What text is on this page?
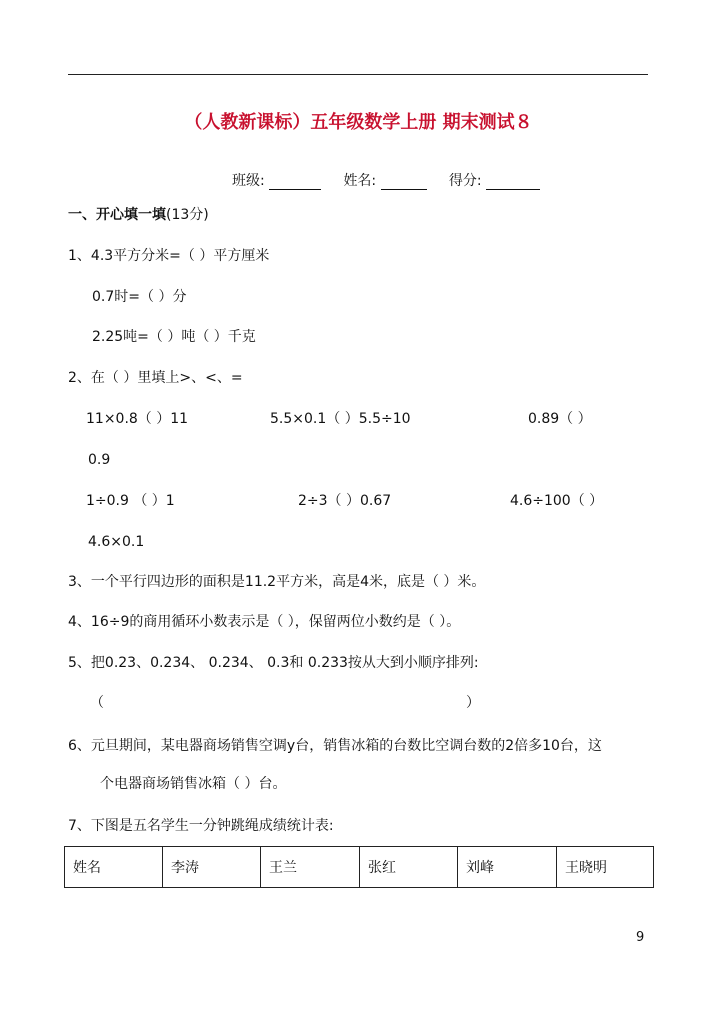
（人教新课标）五年级数学上册 期末测试８
班级:	姓名:	得分:
一、开心填一填(13分)
1、4.3平方分米=（ ）平方厘米
0.7时=（ ）分
2.25吨=（ ）吨（ ）千克
2、在（ ）里填上>、<、=
11×0.8（ ）11	5.5×0.1（ ）5.5÷10	0.89（ ）
0.9
1÷0.9 （ ）1	2÷3（ ）0.67	4.6÷100（ ）
4.6×0.1
3、一个平行四边形的面积是11.2平方米，高是4米，底是（ ）米。
4、16÷9的商用循环小数表示是（ ），保留两位小数约是（ ）。
5、把0.23、0.234、 0.234、 0.3和 0.233按从大到小顺序排列:
（	）
6、元旦期间，某电器商场销售空调y台，销售冰箱的台数比空调台数的2倍多10台，这
个电器商场销售冰箱（ ）台。
7、下图是五名学生一分钟跳绳成绩统计表:
姓名	李涛	王兰	张红	刘峰	王晓明
9
